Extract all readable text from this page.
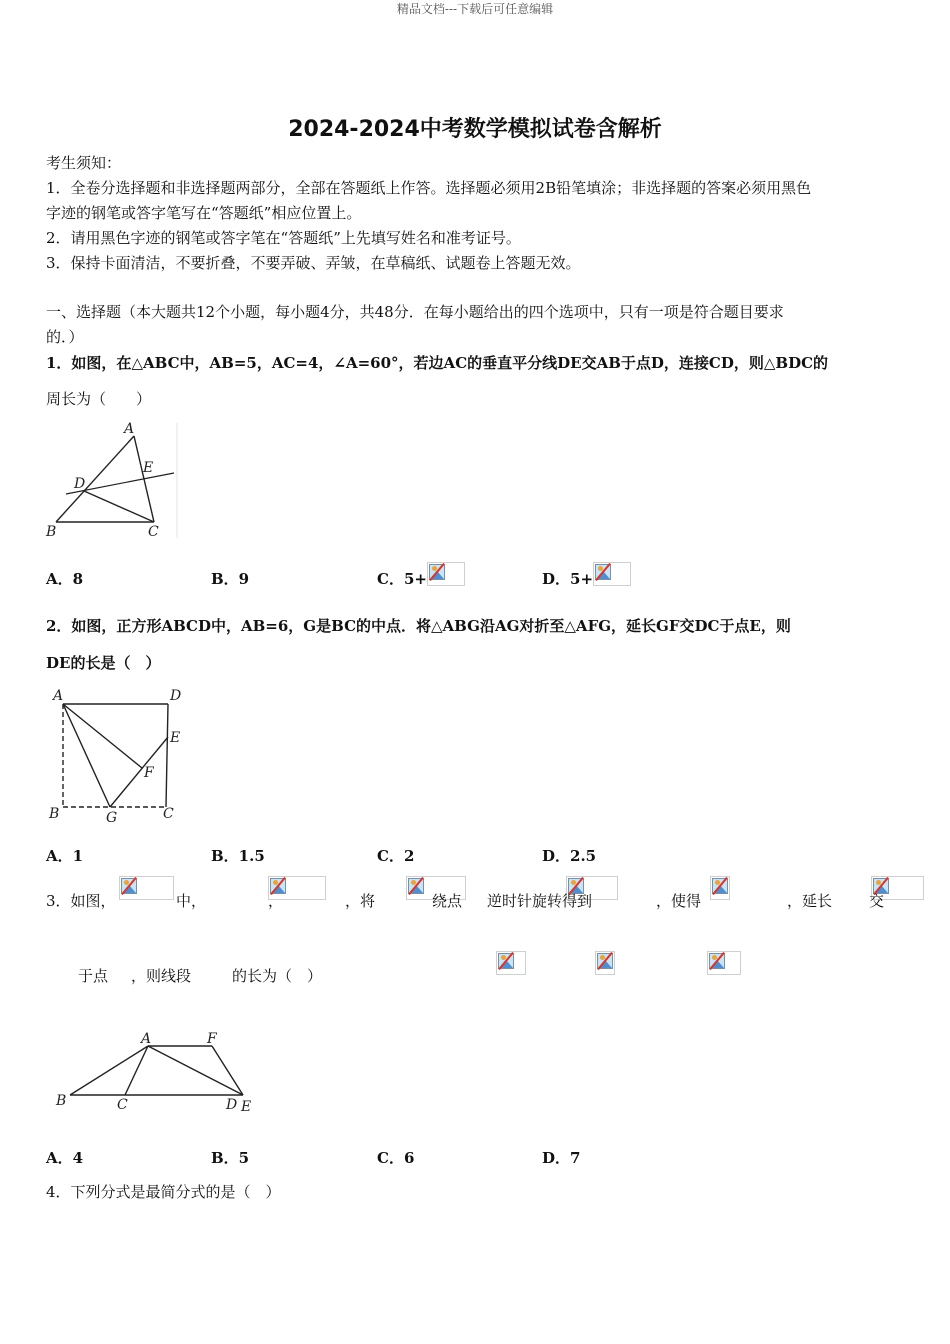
精品文档---下载后可任意编辑
2024-2024中考数学模拟试卷含解析
考生须知：
1．全卷分选择题和非选择题两部分，全部在答题纸上作答。选择题必须用2B铅笔填涂；非选择题的答案必须用黑色
字迹的钢笔或答字笔写在“答题纸”相应位置上。
2．请用黑色字迹的钢笔或答字笔在“答题纸”上先填写姓名和准考证号。
3．保持卡面清洁，不要折叠，不要弄破、弄皱，在草稿纸、试题卷上答题无效。
一、选择题（本大题共12个小题，每小题4分，共48分．在每小题给出的四个选项中，只有一项是符合题目要求
的．）
1．如图，在△ABC中，AB=5，AC=4，∠A=60°，若边AC的垂直平分线DE交AB于点D，连接CD，则△BDC的
周长为（　　）
A
E
D
B	C
A．8	B．9	C．5+	D．5+
2．如图，正方形ABCD中，AB=6，G是BC的中点．将△ABG沿AG对折至△AFG，延长GF交DC于点E，则
DE的长是（　）
A	D
E
F
B	G	C
A．1	B．1.5	C．2	D．2.5
3．如图，
	中，
	，
	，将
	绕点
逆时针旋转得到
	，使得
	，延长
交

于点
，则线段	的长为（　）
A	F
B	C	D E
A．4	B．5	C．6	D．7
4．下列分式是最简分式的是（　）
